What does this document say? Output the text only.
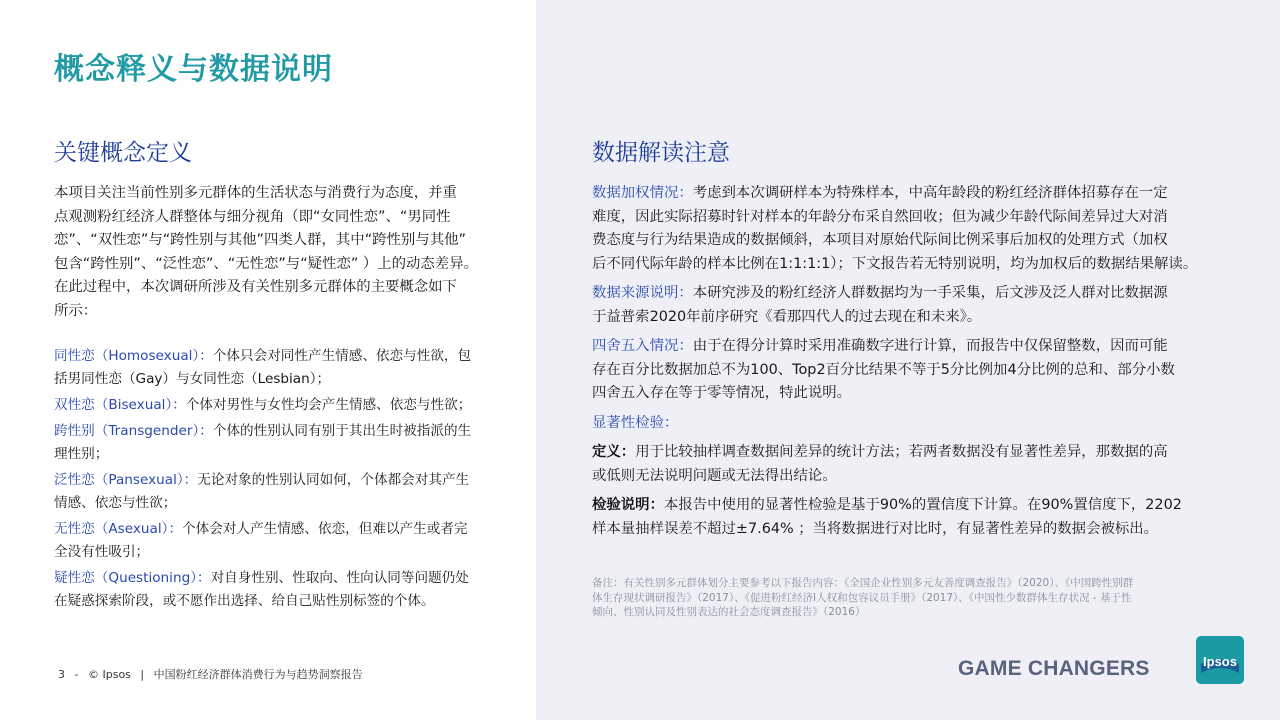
概念释义与数据说明
关键概念定义

本项目关注当前性别多元群体的生活状态与消费行为态度，并重
点观测粉红经济人群整体与细分视角（即“女同性恋”、“男同性
恋”、“双性恋”与“跨性别与其他”四类人群，其中“跨性别与其他”
包含“跨性别”、“泛性恋”、“无性恋”与“疑性恋” ）上的动态差异。
在此过程中，本次调研所涉及有关性别多元群体的主要概念如下
所示：

同性恋（Homosexual）：个体只会对同性产生情感、依恋与性欲，包
括男同性恋（Gay）与女同性恋（Lesbian）；

双性恋（Bisexual）：个体对男性与女性均会产生情感、依恋与性欲；

跨性别（Transgender）：个体的性别认同有别于其出生时被指派的生
理性别；

泛性恋（Pansexual）：无论对象的性别认同如何，个体都会对其产生
情感、依恋与性欲；

无性恋（Asexual）：个体会对人产生情感、依恋，但难以产生或者完
全没有性吸引；

疑性恋（Questioning）：对自身性别、性取向、性向认同等问题仍处
在疑惑探索阶段，或不愿作出选择、给自己贴性别标签的个体。

数据解读注意

数据加权情况：考虑到本次调研样本为特殊样本，中高年龄段的粉红经济群体招募存在一定
难度，因此实际招募时针对样本的年龄分布采自然回收；但为减少年龄代际间差异过大对消
费态度与行为结果造成的数据倾斜，本项目对原始代际间比例采事后加权的处理方式（加权
后不同代际年龄的样本比例在1:1:1:1）；下文报告若无特别说明，均为加权后的数据结果解读。

数据来源说明：本研究涉及的粉红经济人群数据均为一手采集，后文涉及泛人群对比数据源
于益普索2020年前序研究《看那四代人的过去现在和未来》。

四舍五入情况：由于在得分计算时采用准确数字进行计算，而报告中仅保留整数，因而可能
存在百分比数据加总不为100、Top2百分比结果不等于5分比例加4分比例的总和、部分小数
四舍五入存在等于零等情况，特此说明。

显著性检验：

定义：用于比较抽样调查数据间差异的统计方法；若两者数据没有显著性差异，那数据的高
或低则无法说明问题或无法得出结论。

检验说明：本报告中使用的显著性检验是基于90%的置信度下计算。在90%置信度下，2202
样本量抽样误差不超过±7.64% ；当将数据进行对比时，有显著性差异的数据会被标出。

备注：有关性别多元群体划分主要参考以下报告内容：《全国企业性别多元友善度调查报告》（2020）、《中国跨性别群
体生存现状调研报告》（2017）、《促进粉红经济I人权和包容议员手册》（2017）、《中国性少数群体生存状况 - 基于性
倾向、性别认同及性别表达的社会态度调查报告》（2016）

3 - © Ipsos | 中国粉红经济群体消费行为与趋势洞察报告	GAME CHANGERS	Ipsos
